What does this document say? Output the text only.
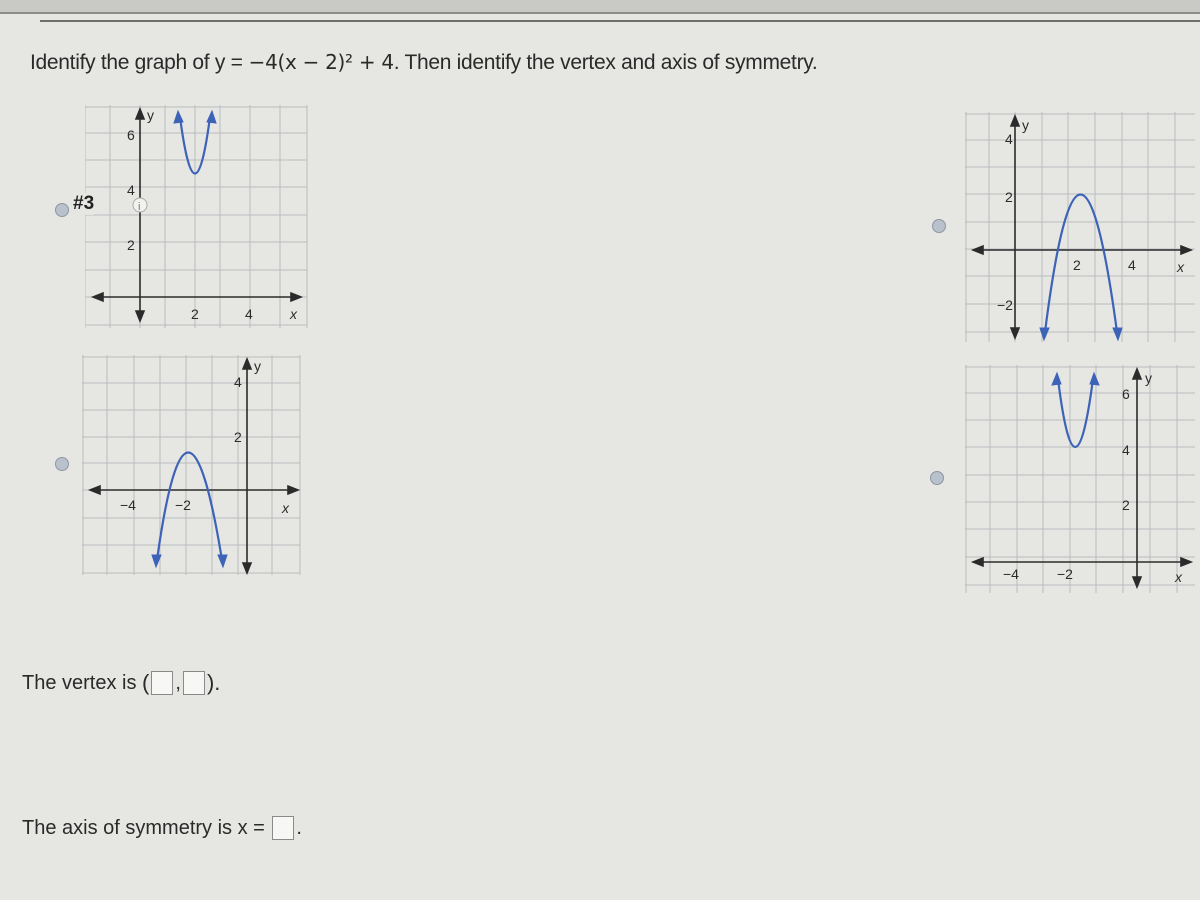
Identify the graph of y = −4(x − 2)² + 4. Then identify the vertex and axis of symmetry.
y
6
4
2
2	4	x
i
#3
y
4
2
−4	−2	x
y
4
2
−2
2	4	x
y
6
4
2
−4	−2	x
The vertex is
( , ).
The axis of symmetry is x =
.
